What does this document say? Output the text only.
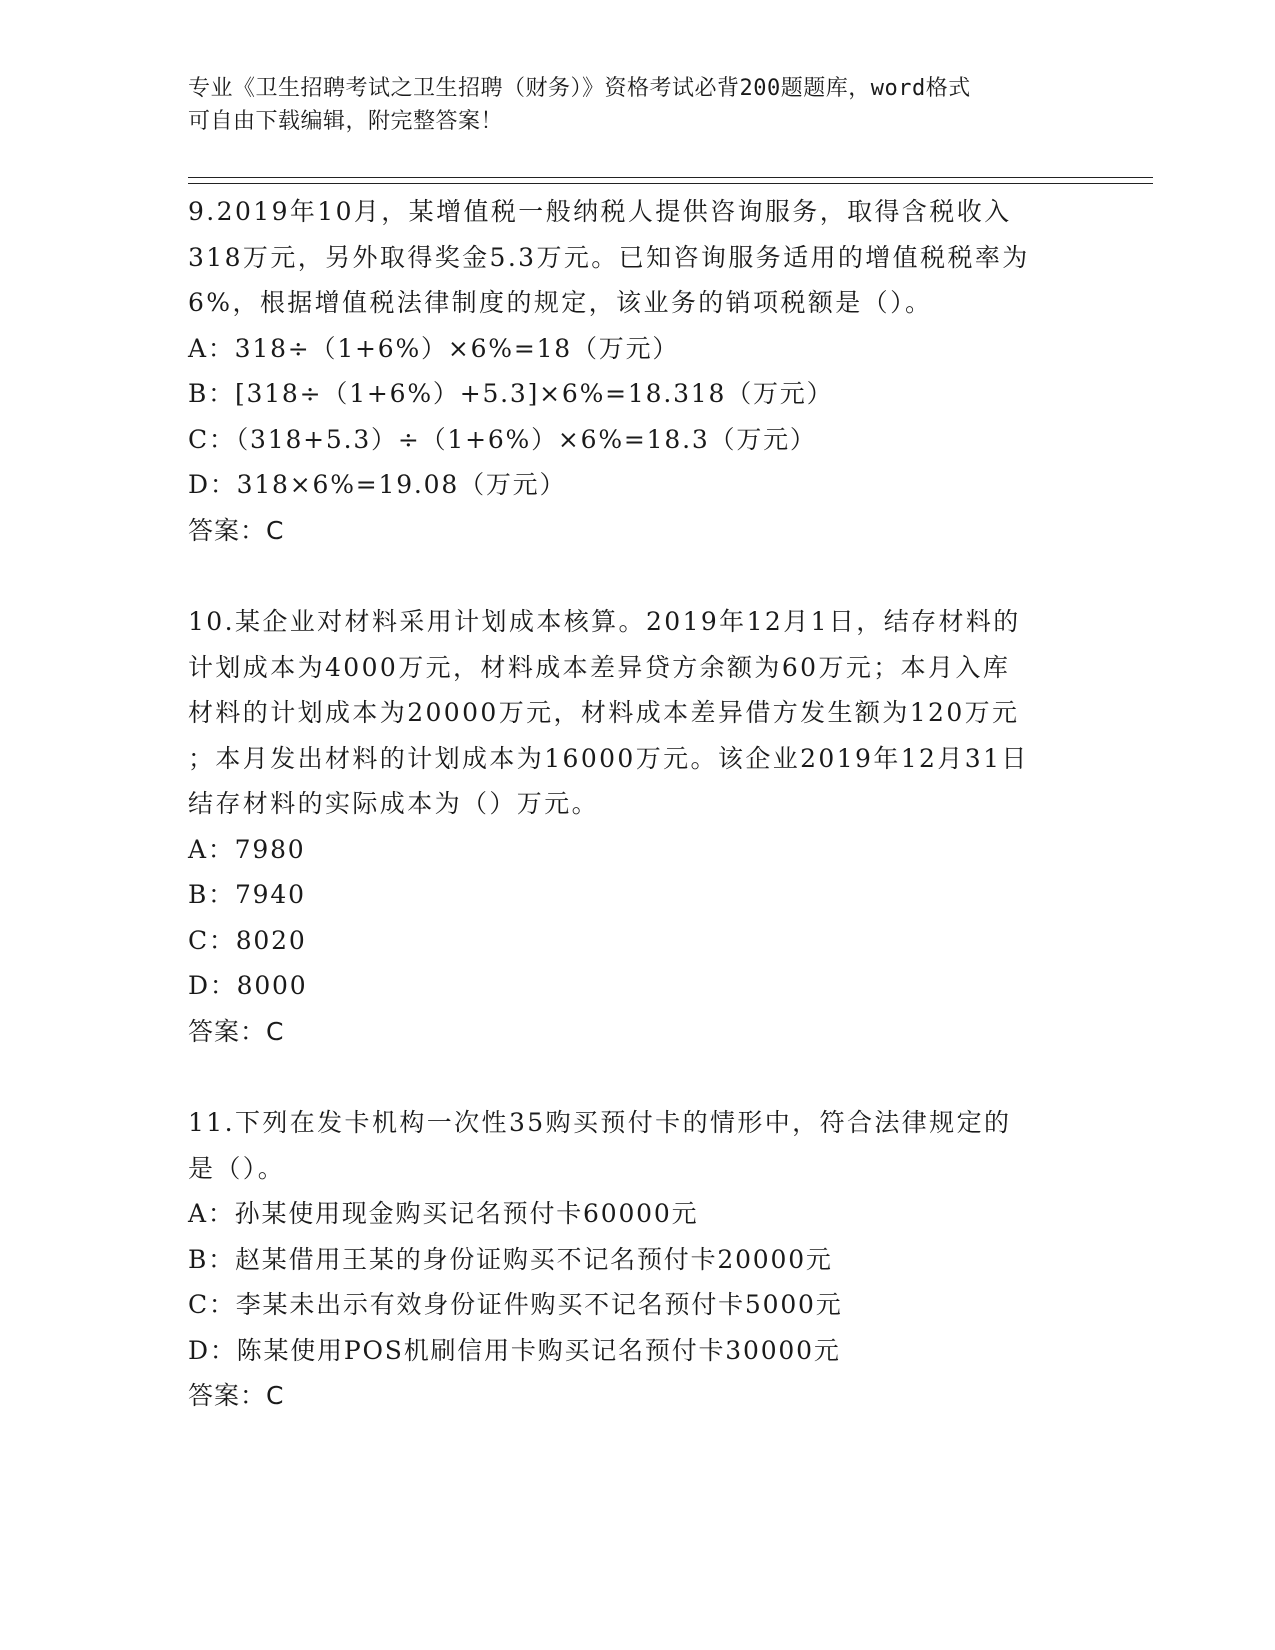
专业《卫生招聘考试之卫生招聘（财务）》资格考试必背200题题库，word格式
可自由下载编辑，附完整答案！
9.2019年10月，某增值税一般纳税人提供咨询服务，取得含税收入
318万元，另外取得奖金5.3万元。已知咨询服务适用的增值税税率为
6%，根据增值税法律制度的规定，该业务的销项税额是（）。
A：318÷（1+6%）×6%=18（万元）
B：[318÷（1+6%）+5.3]×6%=18.318（万元）
C：（318+5.3）÷（1+6%）×6%=18.3（万元）
D：318×6%=19.08（万元）
答案：C
10.某企业对材料采用计划成本核算。2019年12月1日，结存材料的
计划成本为4000万元，材料成本差异贷方余额为60万元；本月入库
材料的计划成本为20000万元，材料成本差异借方发生额为120万元
；本月发出材料的计划成本为16000万元。该企业2019年12月31日
结存材料的实际成本为（）万元。
A：7980
B：7940
C：8020
D：8000
答案：C
11.下列在发卡机构一次性35购买预付卡的情形中，符合法律规定的
是（）。
A：孙某使用现金购买记名预付卡60000元
B：赵某借用王某的身份证购买不记名预付卡20000元
C：李某未出示有效身份证件购买不记名预付卡5000元
D：陈某使用POS机刷信用卡购买记名预付卡30000元
答案：C
